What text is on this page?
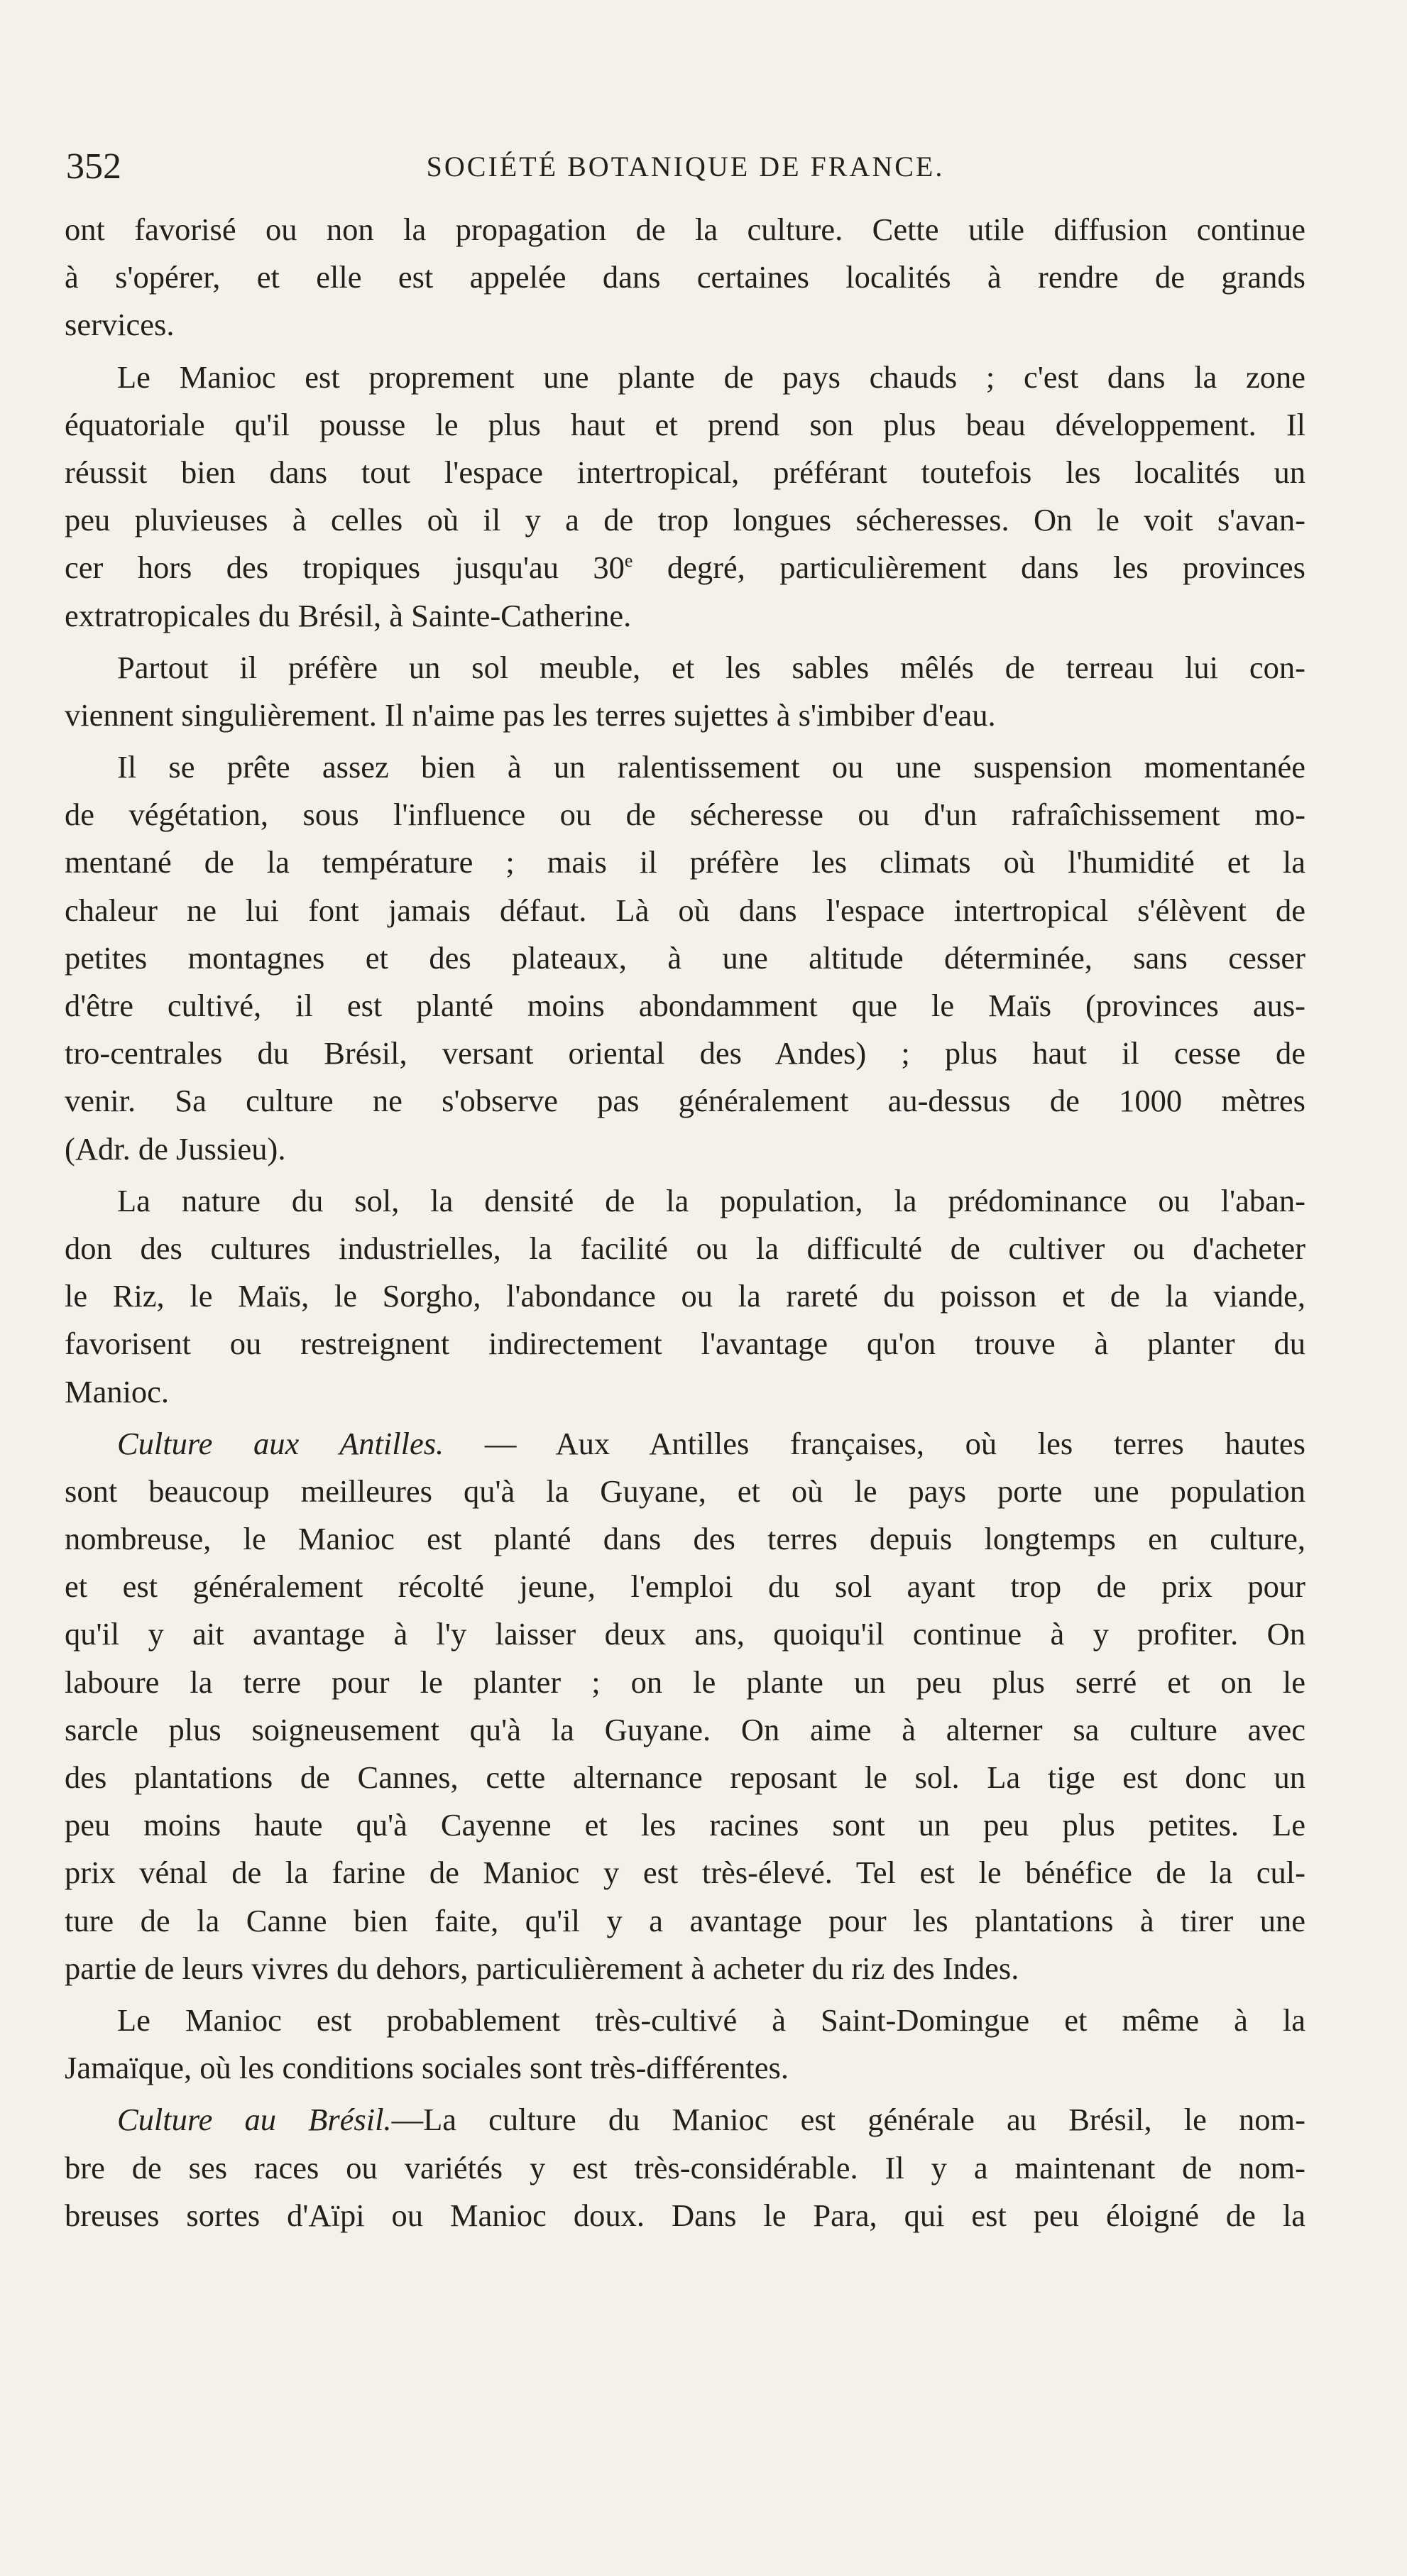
352	SOCIÉTÉ BOTANIQUE DE FRANCE.
ont favorisé ou non la propagation de la culture. Cette utile diffusion continue
à s'opérer, et elle est appelée dans certaines localités à rendre de grands
services.
Le Manioc est proprement une plante de pays chauds ; c'est dans la zone
équatoriale qu'il pousse le plus haut et prend son plus beau développement. Il
réussit bien dans tout l'espace intertropical, préférant toutefois les localités un
peu pluvieuses à celles où il y a de trop longues sécheresses. On le voit s'avan-
cer hors des tropiques jusqu'au 30e degré, particulièrement dans les provinces
extratropicales du Brésil, à Sainte-Catherine.
Partout il préfère un sol meuble, et les sables mêlés de terreau lui con-
viennent singulièrement. Il n'aime pas les terres sujettes à s'imbiber d'eau.
Il se prête assez bien à un ralentissement ou une suspension momentanée
de végétation, sous l'influence ou de sécheresse ou d'un rafraîchissement mo-
mentané de la température ; mais il préfère les climats où l'humidité et la
chaleur ne lui font jamais défaut. Là où dans l'espace intertropical s'élèvent de
petites montagnes et des plateaux, à une altitude déterminée, sans cesser
d'être cultivé, il est planté moins abondamment que le Maïs (provinces aus-
tro-centrales du Brésil, versant oriental des Andes) ; plus haut il cesse de
venir. Sa culture ne s'observe pas généralement au-dessus de 1000 mètres
(Adr. de Jussieu).
La nature du sol, la densité de la population, la prédominance ou l'aban-
don des cultures industrielles, la facilité ou la difficulté de cultiver ou d'acheter
le Riz, le Maïs, le Sorgho, l'abondance ou la rareté du poisson et de la viande,
favorisent ou restreignent indirectement l'avantage qu'on trouve à planter du
Manioc.
Culture aux Antilles. — Aux Antilles françaises, où les terres hautes
sont beaucoup meilleures qu'à la Guyane, et où le pays porte une population
nombreuse, le Manioc est planté dans des terres depuis longtemps en culture,
et est généralement récolté jeune, l'emploi du sol ayant trop de prix pour
qu'il y ait avantage à l'y laisser deux ans, quoiqu'il continue à y profiter. On
laboure la terre pour le planter ; on le plante un peu plus serré et on le
sarcle plus soigneusement qu'à la Guyane. On aime à alterner sa culture avec
des plantations de Cannes, cette alternance reposant le sol. La tige est donc un
peu moins haute qu'à Cayenne et les racines sont un peu plus petites. Le
prix vénal de la farine de Manioc y est très-élevé. Tel est le bénéfice de la cul-
ture de la Canne bien faite, qu'il y a avantage pour les plantations à tirer une
partie de leurs vivres du dehors, particulièrement à acheter du riz des Indes.
Le Manioc est probablement très-cultivé à Saint-Domingue et même à la
Jamaïque, où les conditions sociales sont très-différentes.
Culture au Brésil.—La culture du Manioc est générale au Brésil, le nom-
bre de ses races ou variétés y est très-considérable. Il y a maintenant de nom-
breuses sortes d'Aïpi ou Manioc doux. Dans le Para, qui est peu éloigné de la
